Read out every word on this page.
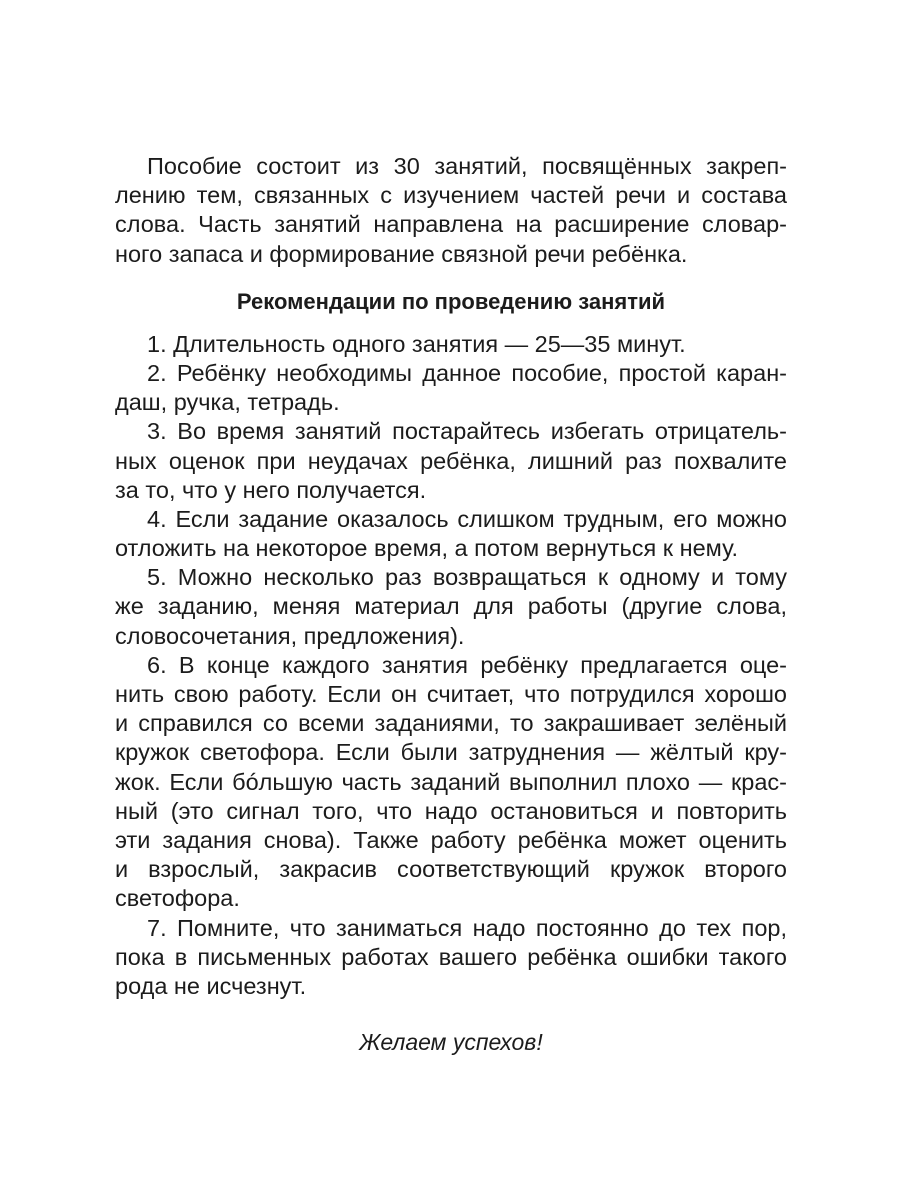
Пособие состоит из 30 занятий, посвящённых закреп-
лению тем, связанных с изучением частей речи и состава
слова. Часть занятий направлена на расширение словар-
ного запаса и формирование связной речи ребёнка.
Рекомендации по проведению занятий
1. Длительность одного занятия — 25—35 минут.
2. Ребёнку необходимы данное пособие, простой каран-
даш, ручка, тетрадь.
3. Во время занятий постарайтесь избегать отрицатель-
ных оценок при неудачах ребёнка, лишний раз похвалите
за то, что у него получается.
4. Если задание оказалось слишком трудным, его можно
отложить на некоторое время, а потом вернуться к нему.
5. Можно несколько раз возвращаться к одному и тому
же заданию, меняя материал для работы (другие слова,
словосочетания, предложения).
6. В конце каждого занятия ребёнку предлагается оце-
нить свою работу. Если он считает, что потрудился хорошо
и справился со всеми заданиями, то закрашивает зелёный
кружок светофора. Если были затруднения — жёлтый кру-
жок. Если бóльшую часть заданий выполнил плохо — крас-
ный (это сигнал того, что надо остановиться и повторить
эти задания снова). Также работу ребёнка может оценить
и взрослый, закрасив соответствующий кружок второго
светофора.
7. Помните, что заниматься надо постоянно до тех пор,
пока в письменных работах вашего ребёнка ошибки такого
рода не исчезнут.
Желаем успехов!
